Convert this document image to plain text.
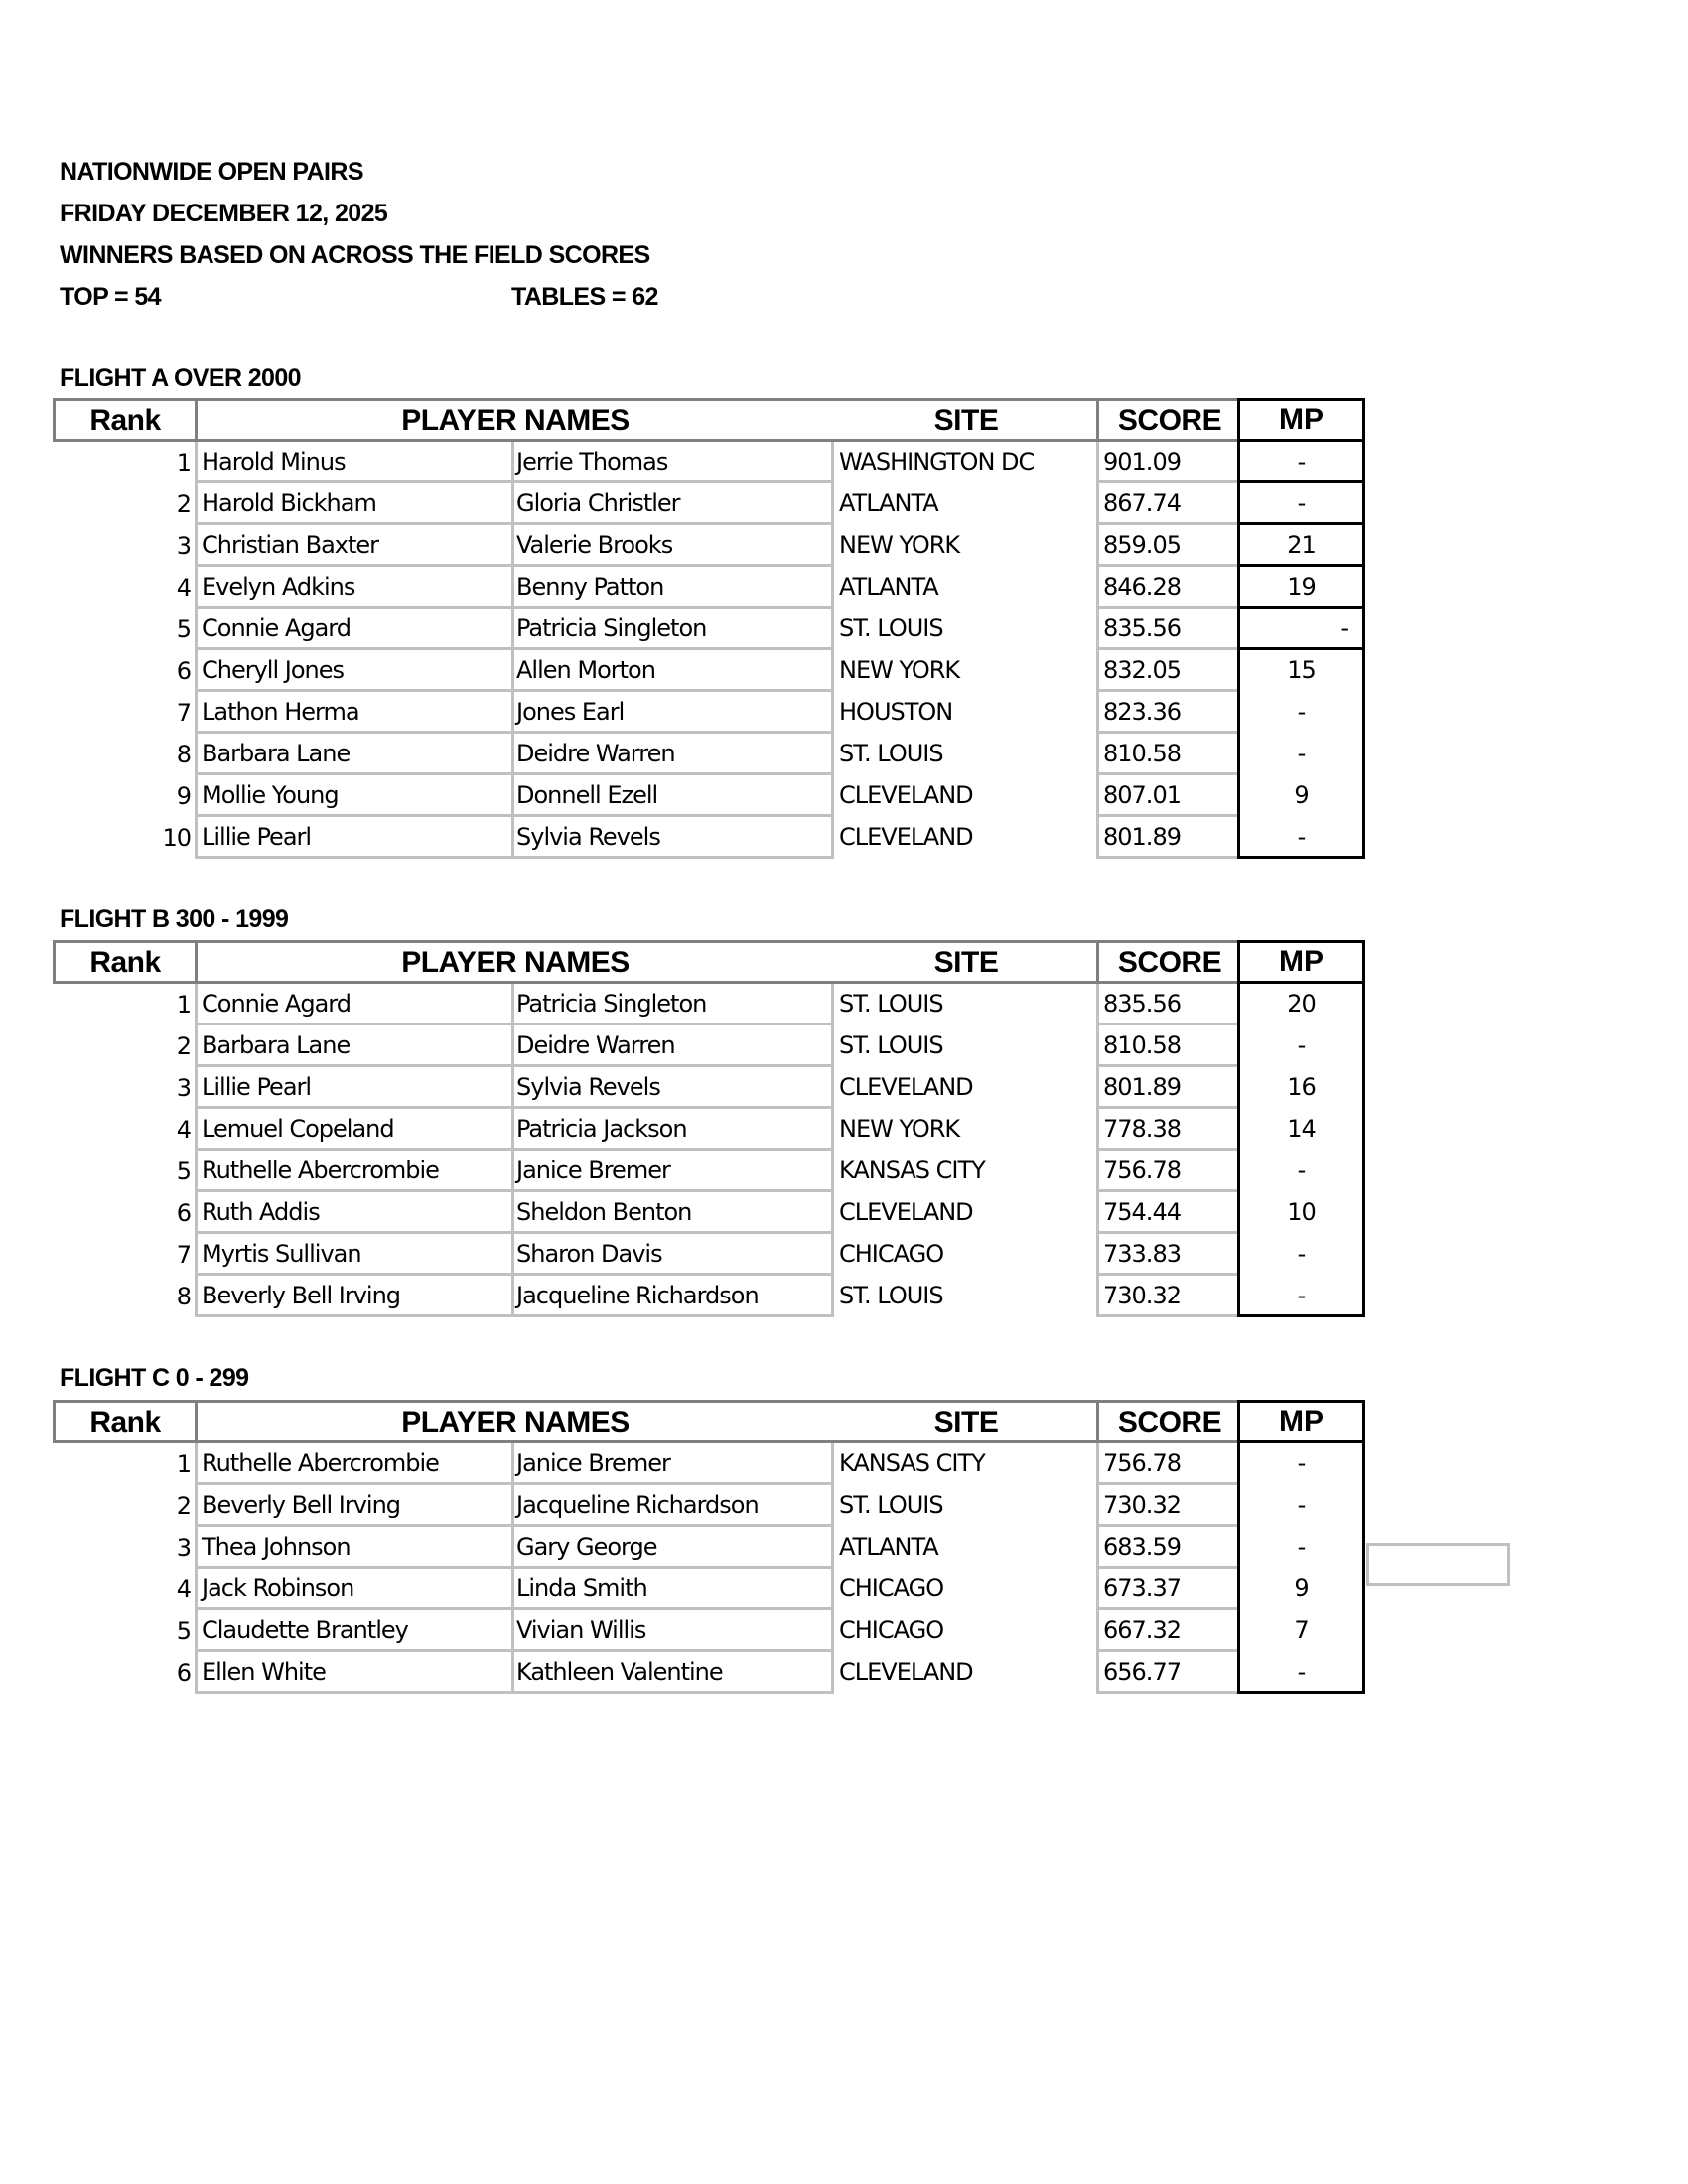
NATIONWIDE OPEN PAIRS
FRIDAY DECEMBER 12, 2025
WINNERS BASED ON ACROSS THE FIELD SCORES
TOP = 54	TABLES = 62
FLIGHT A OVER 2000
Rank	PLAYER NAMES	SITE	SCORE	MP
1 Harold Minus	Jerrie Thomas	WASHINGTON DC	901.09	-
2 Harold Bickham	Gloria Christler	ATLANTA	867.74	-
3 Christian Baxter	Valerie Brooks	NEW YORK	859.05	21
4 Evelyn Adkins	Benny Patton	ATLANTA	846.28	19
5 Connie Agard	Patricia Singleton	ST. LOUIS	835.56	-
6 Cheryll Jones	Allen Morton	NEW YORK	832.05	15
7 Lathon Herma	Jones Earl	HOUSTON	823.36	-
8 Barbara Lane	Deidre Warren	ST. LOUIS	810.58	-
9 Mollie Young	Donnell Ezell	CLEVELAND	807.01	9
10 Lillie Pearl	Sylvia Revels	CLEVELAND	801.89	-
FLIGHT B 300 - 1999
Rank	PLAYER NAMES	SITE	SCORE	MP
1 Connie Agard	Patricia Singleton	ST. LOUIS	835.56	20
2 Barbara Lane	Deidre Warren	ST. LOUIS	810.58	-
3 Lillie Pearl	Sylvia Revels	CLEVELAND	801.89	16
4 Lemuel Copeland	Patricia Jackson	NEW YORK	778.38	14
5 Ruthelle Abercrombie	Janice Bremer	KANSAS CITY	756.78	-
6 Ruth Addis	Sheldon Benton	CLEVELAND	754.44	10
7 Myrtis Sullivan	Sharon Davis	CHICAGO	733.83	-
8 Beverly Bell Irving	Jacqueline Richardson	ST. LOUIS	730.32	-
FLIGHT C 0 - 299
Rank	PLAYER NAMES	SITE	SCORE	MP
1 Ruthelle Abercrombie	Janice Bremer	KANSAS CITY	756.78	-
2 Beverly Bell Irving	Jacqueline Richardson	ST. LOUIS	730.32	-
3 Thea Johnson	Gary George	ATLANTA	683.59	-
4 Jack Robinson	Linda Smith	CHICAGO	673.37	9
5 Claudette Brantley	Vivian Willis	CHICAGO	667.32	7
6 Ellen White	Kathleen Valentine	CLEVELAND	656.77	-
